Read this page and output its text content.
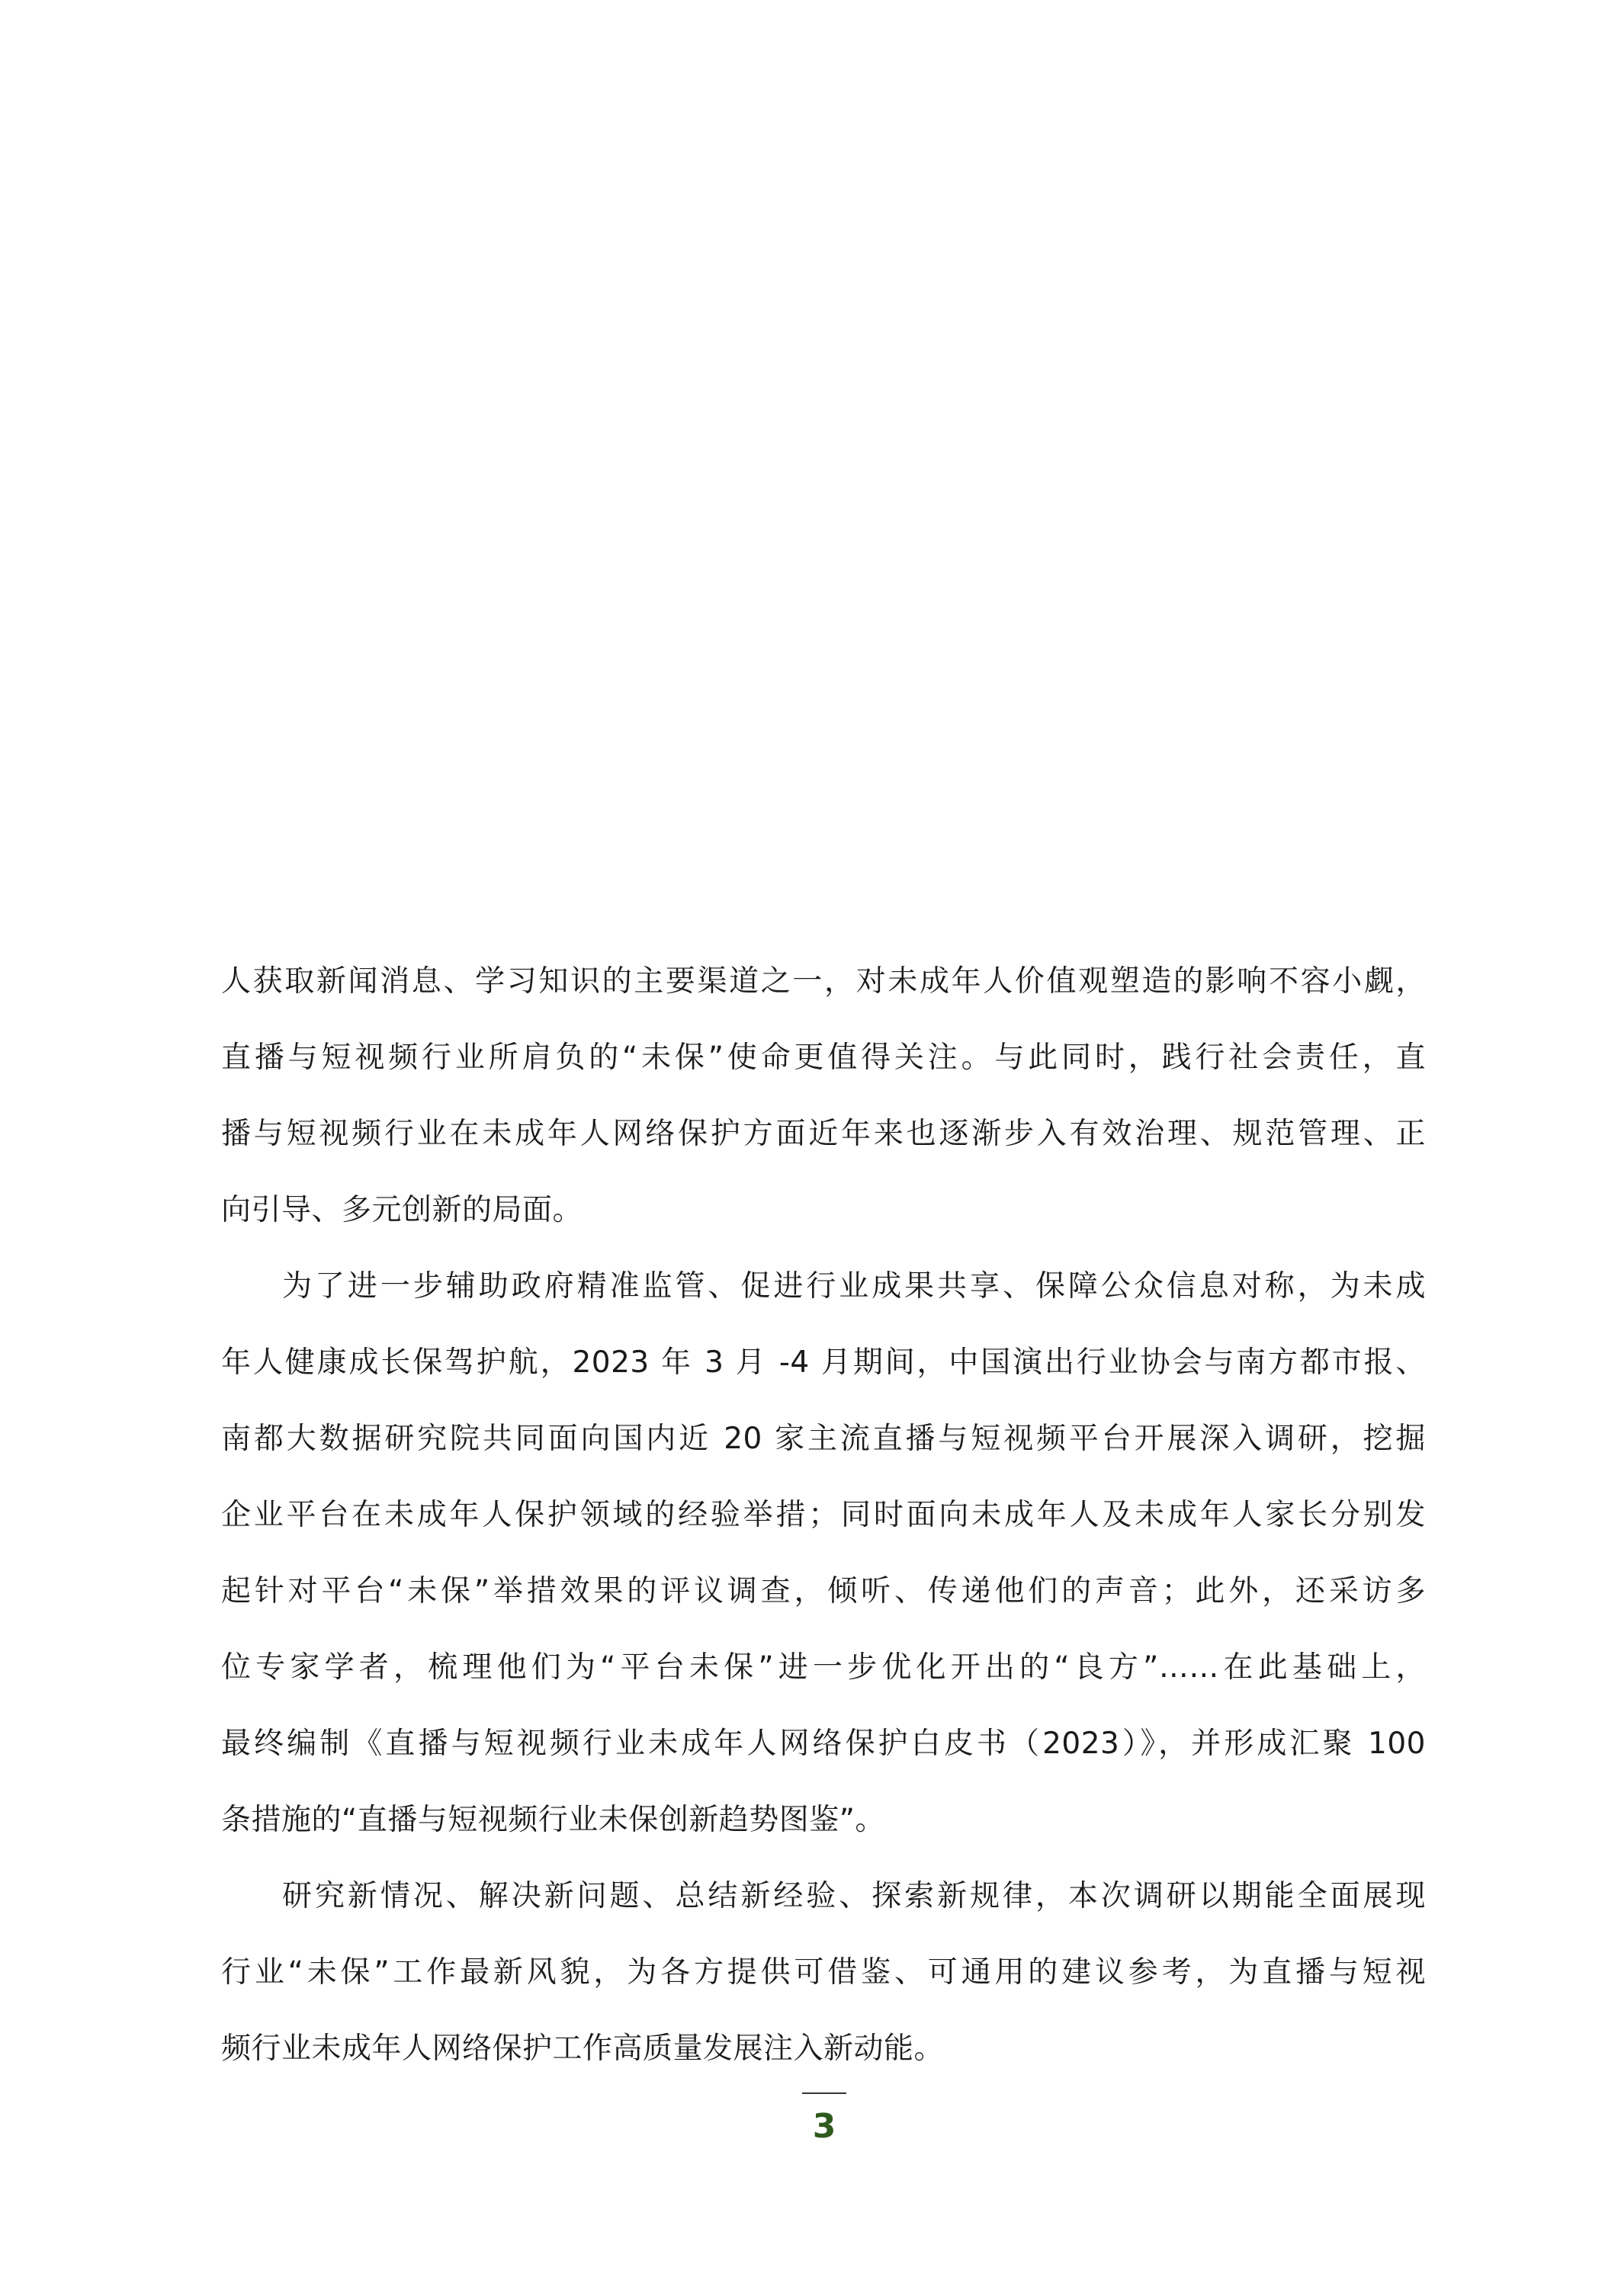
人获取新闻消息、学习知识的主要渠道之一，对未成年人价值观塑造的影响不容小觑，
直播与短视频行业所肩负的“未保”使命更值得关注。与此同时，践行社会责任，直
播与短视频行业在未成年人网络保护方面近年来也逐渐步入有效治理、规范管理、正
向引导、多元创新的局面。
为了进一步辅助政府精准监管、促进行业成果共享、保障公众信息对称，为未成
年人健康成长保驾护航，2023 年 3 月 -4 月期间，中国演出行业协会与南方都市报、
南都大数据研究院共同面向国内近 20 家主流直播与短视频平台开展深入调研，挖掘
企业平台在未成年人保护领域的经验举措；同时面向未成年人及未成年人家长分别发
起针对平台“未保”举措效果的评议调查，倾听、传递他们的声音；此外，还采访多
位专家学者，梳理他们为“平台未保”进一步优化开出的“良方”……在此基础上，
最终编制《直播与短视频行业未成年人网络保护白皮书（2023）》，并形成汇聚 100
条措施的“直播与短视频行业未保创新趋势图鉴”。
研究新情况、解决新问题、总结新经验、探索新规律，本次调研以期能全面展现
行业“未保”工作最新风貌，为各方提供可借鉴、可通用的建议参考，为直播与短视
频行业未成年人网络保护工作高质量发展注入新动能。
3
